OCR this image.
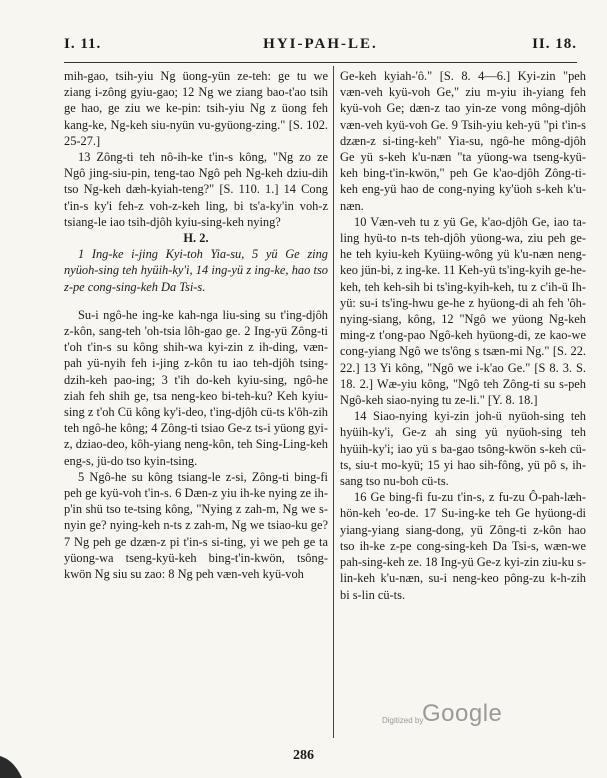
I. 11.	HYI-PAH-LE.	II. 18.

mih-gao, tsih-yiu Ng üong-yün ze-teh: ge tu we ziang i-zông gyiu-gao; 12 Ng we ziang bao-t'ao tsih ge hao, ge ziu we ke-pin: tsih-yiu Ng z üong feh kang-ke, Ng-keh siu-nyün vu-gyüong-zing." [S. 102. 25-27.]

13 Zông-ti teh nô-ih-ke t'in-s kông, "Ng zo ze Ngô jing-siu-pin, teng-tao Ngô peh Ng-keh dziu-dih tso Ng-keh dæh-kyiah-teng?" [S. 110. 1.] 14 Cong t'in-s ky'i feh-z voh-z-keh ling, bi ts'a-ky'in voh-z tsiang-le iao tsih-djôh kyiu-sing-keh nying?

H. 2.

1 Ing-ke i-jing Kyi-toh Yia-su, 5 yü Ge zing nyüoh-sing teh hyüih-ky'i, 14 ing-yü z ing-ke, hao tso z-pe cong-sing-keh Da Tsi-s.

Su-i ngô-he ing-ke kah-nga liu-sing su t'ing-djôh z-kôn, sang-teh 'oh-tsia lôh-gao ge. 2 Ing-yü Zông-ti t'oh t'in-s su kông shih-wa kyi-zin z ih-ding, væn-pah yü-nyih feh i-jing z-kôn tu iao teh-djôh tsing-dzih-keh pao-ing; 3 t'ih do-keh kyiu-sing, ngô-he ziah feh shih ge, tsa neng-keo bi-teh-ku? Keh kyiu-sing z t'oh Cü kông ky'i-deo, t'ing-djôh cü-ts k'ôh-zih teh ngô-he kông; 4 Zông-ti tsiao Ge-z ts-i yüong gyi-z, dziao-deo, kôh-yiang neng-kôn, teh Sing-Ling-keh eng-s, jü-do tso kyin-tsing.

5 Ngô-he su kông tsiang-le z-si, Zông-ti bing-fi peh ge kyü-voh t'in-s. 6 Dæn-z yiu ih-ke nying ze ih-p'in shü tso te-tsing kông, "Nying z zah-m, Ng we s-nyin ge? nying-keh n-ts z zah-m, Ng we tsiao-ku ge? 7 Ng peh ge dzæn-z pi t'in-s si-ting, yi we peh ge ta yüong-wa tseng-kyü-keh bing-t'in-kwön, tsông-kwön Ng siu su zao: 8 Ng peh væn-veh kyü-voh

Ge-keh kyiah-'ô." [S. 8. 4—6.] Kyi-zin "peh væn-veh kyü-voh Ge," ziu m-yiu ih-yiang feh kyü-voh Ge; dæn-z tao yin-ze vong mông-djôh væn-veh kyü-voh Ge. 9 Tsih-yiu keh-yü "pi t'in-s dzæn-z si-ting-keh" Yia-su, ngô-he mông-djôh Ge yü s-keh k'u-næn "ta yüong-wa tseng-kyü-keh bing-t'in-kwön," peh Ge k'ao-djôh Zông-ti-keh eng-yü hao de cong-nying ky'üoh s-keh k'u-næn.

10 Væn-veh tu z yü Ge, k'ao-djôh Ge, iao ta-ling hyü-to n-ts teh-djôh yüong-wa, ziu peh ge-he teh kyiu-keh Kyüing-wông yü k'u-næn neng-keo jün-bi, z ing-ke. 11 Keh-yü ts'ing-kyih ge-he-keh, teh keh-sih bi ts'ing-kyih-keh, tu z c'ih-ü Ih-yü: su-i ts'ing-hwu ge-he z hyüong-di ah feh 'ôh-nying-siang, kông, 12 "Ngô we yüong Ng-keh ming-z t'ong-pao Ngô-keh hyüong-di, ze kao-we cong-yiang Ngô we ts'ông s tsæn-mi Ng." [S. 22. 22.] 13 Yi kông, "Ngô we i-k'ao Ge." [S 8. 3. S. 18. 2.] Wæ-yiu kông, "Ngô teh Zông-ti su s-peh Ngô-keh siao-nying tu ze-li." [Y. 8. 18.]

14 Siao-nying kyi-zin joh-ü nyüoh-sing teh hyüih-ky'i, Ge-z ah sing yü nyüoh-sing teh hyüih-ky'i; iao yü s ba-gao tsông-kwön s-keh cü-ts, siu-t mo-kyü; 15 yi hao sih-fông, yü pô s, ih-sang tso nu-boh cü-ts.

16 Ge bing-fi fu-zu t'in-s, z fu-zu Ô-pah-læh-hön-keh 'eo-de. 17 Su-ing-ke teh Ge hyüong-di yiang-yiang siang-dong, yü Zông-ti z-kôn hao tso ih-ke z-pe cong-sing-keh Da Tsi-s, wæn-we pah-sing-keh ze. 18 Ing-yü Ge-z kyi-zin ziu-ku s-lin-keh k'u-næn, su-i neng-keo pông-zu k-h-zih bi s-lin cü-ts.

Digitized by
Google
286
